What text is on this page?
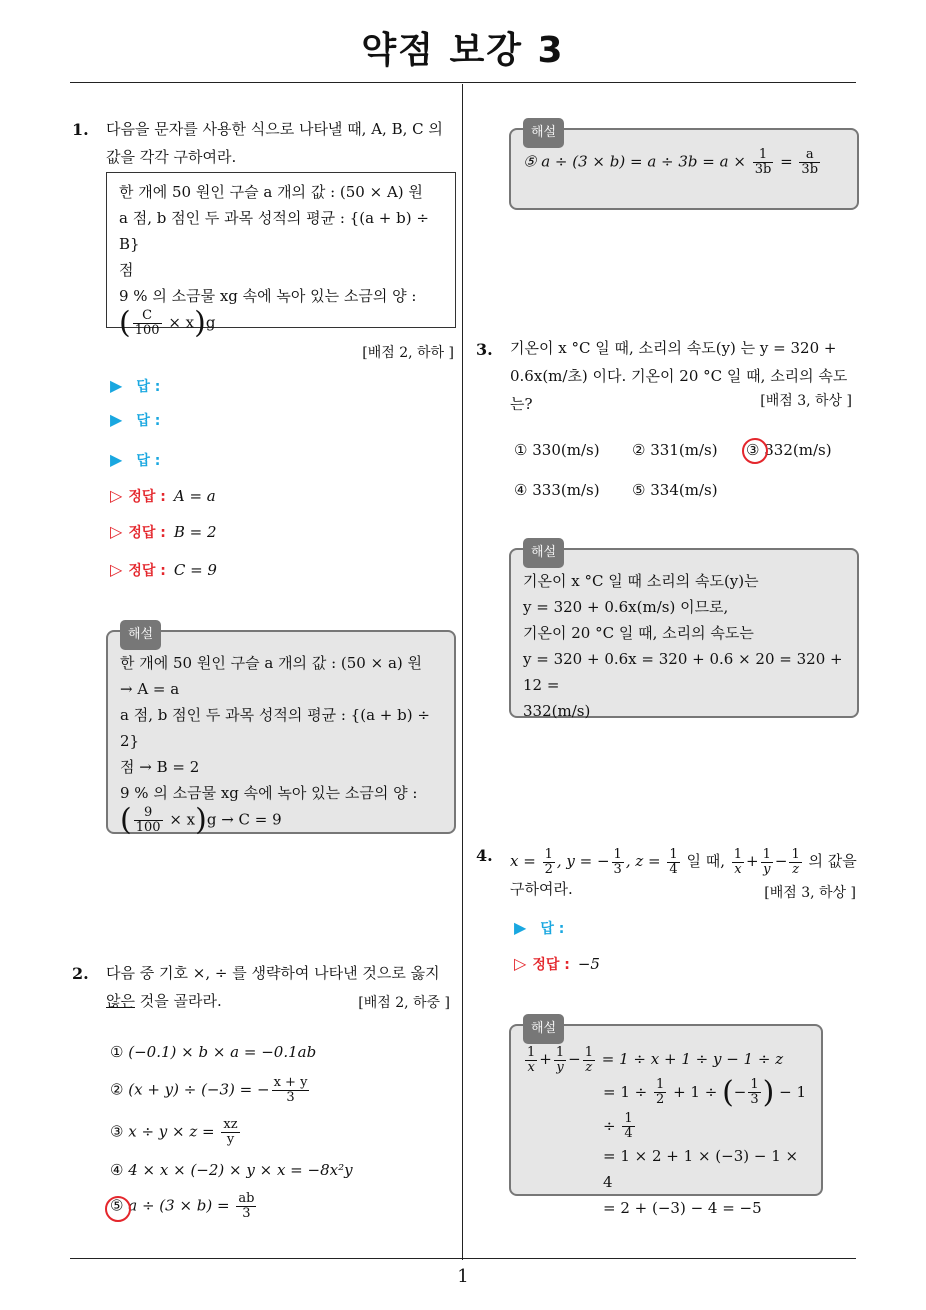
약점 보강 3
1
1. 다음을 문자를 사용한 식으로 나타낼 때, A, B, C 의
값을 각각 구하여라.
한 개에 50 원인 구슬 a 개의 값 : (50 × A) 원
a 점, b 점인 두 과목 성적의 평균 : {(a + b) ÷ B}
점
9 % 의 소금물 xg 속에 녹아 있는 소금의 양 :
( $\frac{C}{100} \times x)g$
[배점 2, 하하 ]
▶ 답 :
▶ 답 :
▶ 답 :
▷ 정답 : A = a
▷ 정답 : B = 2
▷ 정답 : C = 9
해설
한 개에 50 원인 구슬 a 개의 값 : (50 × a) 원
→ A = a
a 점, b 점인 두 과목 성적의 평균 : {(a + b) ÷ 2}
점 → B = 2
9 % 의 소금물 xg 속에 녹아 있는 소금의 양 :
( $\frac{9}{100} \times x)g \to C = 9$
2. 다음 중 기호 ×, ÷ 를 생략하여 나타낸 것으로 옳지
않은 것을 골라라.	[배점 2, 하중 ]
① (−0.1) × b × a = −0.1ab
② (x + y) ÷ (−3) = − $\frac{x + y}{3}$
③ $x \div y \times z = \frac{xz}{y}$
④ 4 × x × (−2) × y × x = −8x²y
⑤ $a \div (3 \times b) = \frac{ab}{3}$
해설
⑤ $a \div (3 \times b) = a \div 3b = a \times \frac{1}{3b} = \frac{a}{3b}$
3. 기온이 x °C 일 때, 소리의 속도(y) 는 y = 320 +
0.6x(m/초) 이다. 기온이 20 °C 일 때, 소리의 속도는?	[배점 3, 하상 ]
① 330(m/s) ② 331(m/s) ③ 332(m/s)
④ 333(m/s) ⑤ 334(m/s)
해설
기온이 x °C 일 때 소리의 속도(y)는
y = 320 + 0.6x(m/s) 이므로,
기온이 20 °C 일 때, 소리의 속도는
y = 320 + 0.6x = 320 + 0.6 × 20 = 320 + 12 =
332(m/s)
4. $x = \frac{1}{2}$ , y = − $\frac{1}{3}$ , $z = \frac{1}{4}$ 일 때, $\frac{1}{x} + \frac{1}{y} - \frac{1}{z}$ 의 값을
구하여라.	[배점 3, 하상 ]
▶ 답 :
▷ 정답 : −5
해설
$\frac{1}{x} + \frac{1}{y} - \frac{1}{z} = 1 \div x + 1 \div y - 1 \div z$
= $1 \div \frac{1}{2} + 1$ ÷ (− $\frac{1}{3}$ ) − $1 \div \frac{1}{4}$
= 1 × 2 + 1 × (−3) − 1 × 4
= 2 + (−3) − 4 = −5
